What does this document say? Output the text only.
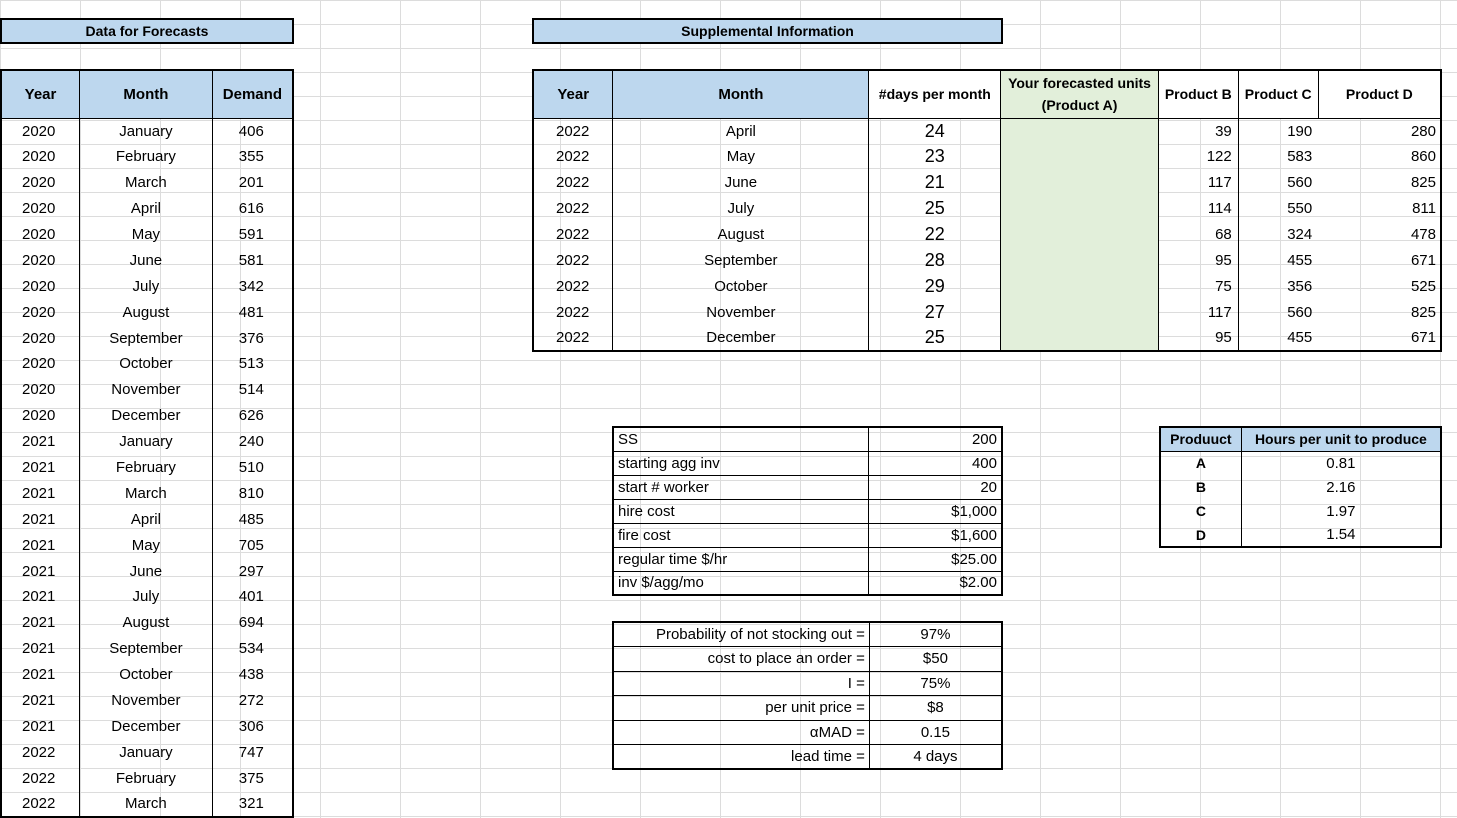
Data for Forecasts	Supplemental Information
Year	Month	Demand
2020	January	406
2020	February	355
2020	March	201
2020	April	616
2020	May	591
2020	June	581
2020	July	342
2020	August	481
2020	September	376
2020	October	513
2020	November	514
2020	December	626
2021	January	240
2021	February	510
2021	March	810
2021	April	485
2021	May	705
2021	June	297
2021	July	401
2021	August	694
2021	September	534
2021	October	438
2021	November	272
2021	December	306
2022	January	747
2022	February	375
2022	March	321
Year	Month	#days per month	Your forecasted units (Product A)	Product B	Product C	Product D
2022	April	24		39	190	280
2022	May	23		122	583	860
2022	June	21		117	560	825
2022	July	25		114	550	811
2022	August	22		68	324	478
2022	September	28		95	455	671
2022	October	29		75	356	525
2022	November	27		117	560	825
2022	December	25		95	455	671
SS	200
starting agg inv	400
start # worker	20
hire cost	$1,000
fire cost	$1,600
regular time $/hr	$25.00
inv $/agg/mo	$2.00
Probability of not stocking out =	97%
cost to place an order =	$50
I =	75%
per unit price =	$8
αMAD =	0.15
lead time =	4 days
Produuct	Hours per unit to produce
A	0.81
B	2.16
C	1.97
D	1.54
